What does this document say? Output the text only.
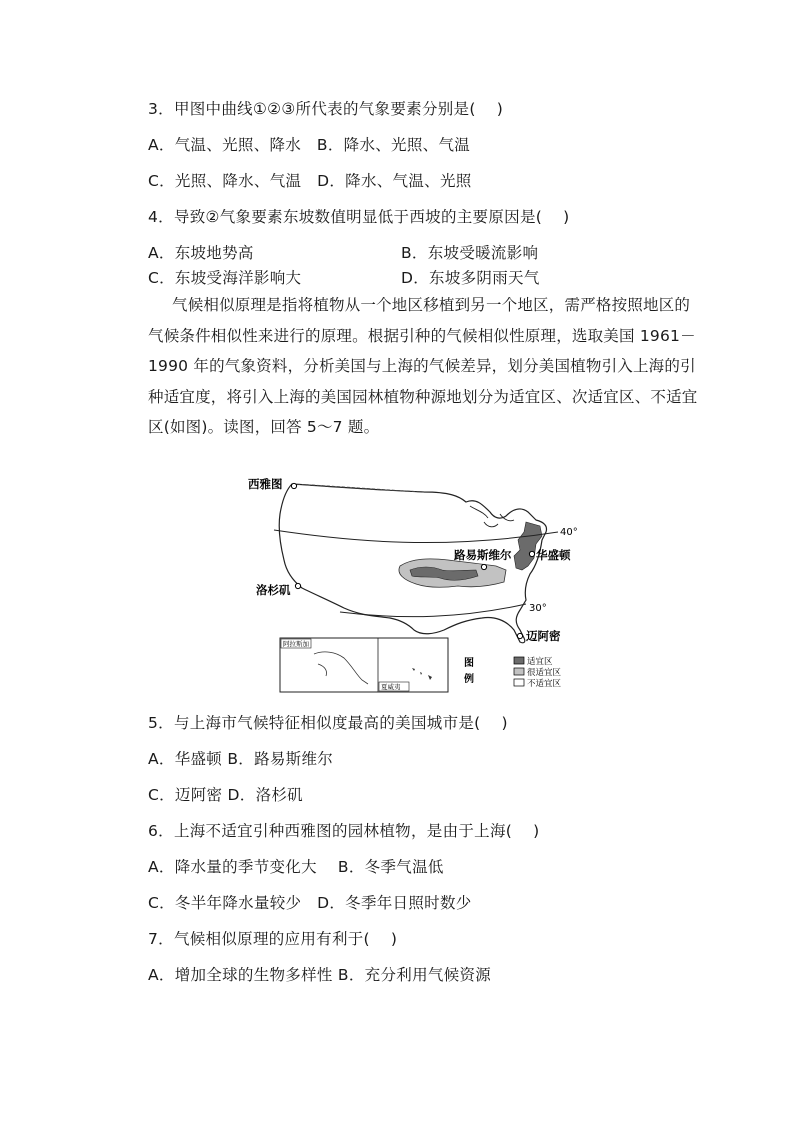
3．甲图中曲线①②③所代表的气象要素分别是(　 )
A．气温、光照、降水　B．降水、光照、气温
C．光照、降水、气温　D．降水、气温、光照
4．导致②气象要素东坡数值明显低于西坡的主要原因是(　 )
A．东坡地势高	B．东坡受暖流影响
C．东坡受海洋影响大	D．东坡多阴雨天气
气候相似原理是指将植物从一个地区移植到另一个地区，需严格按照地区的
气候条件相似性来进行的原理。根据引种的气候相似性原理，选取美国 1961－
1990 年的气象资料，分析美国与上海的气候差异，划分美国植物引入上海的引
种适宜度，将引入上海的美国园林植物种源地划分为适宜区、次适宜区、不适宜
区(如图)。读图，回答 5～7 题。
40°
30°
西雅图
洛杉矶
路易斯维尔 华盛顿
迈阿密
阿拉斯加
夏威夷
图
例
适宜区
很适宜区
不适宜区
5．与上海市气候特征相似度最高的美国城市是(　 )
A．华盛顿 B．路易斯维尔
C．迈阿密 D．洛杉矶
6．上海不适宜引种西雅图的园林植物，是由于上海(　 )
A．降水量的季节变化大　 B．冬季气温低
C．冬半年降水量较少　D．冬季年日照时数少
7．气候相似原理的应用有利于(　 )
A．增加全球的生物多样性 B．充分利用气候资源
